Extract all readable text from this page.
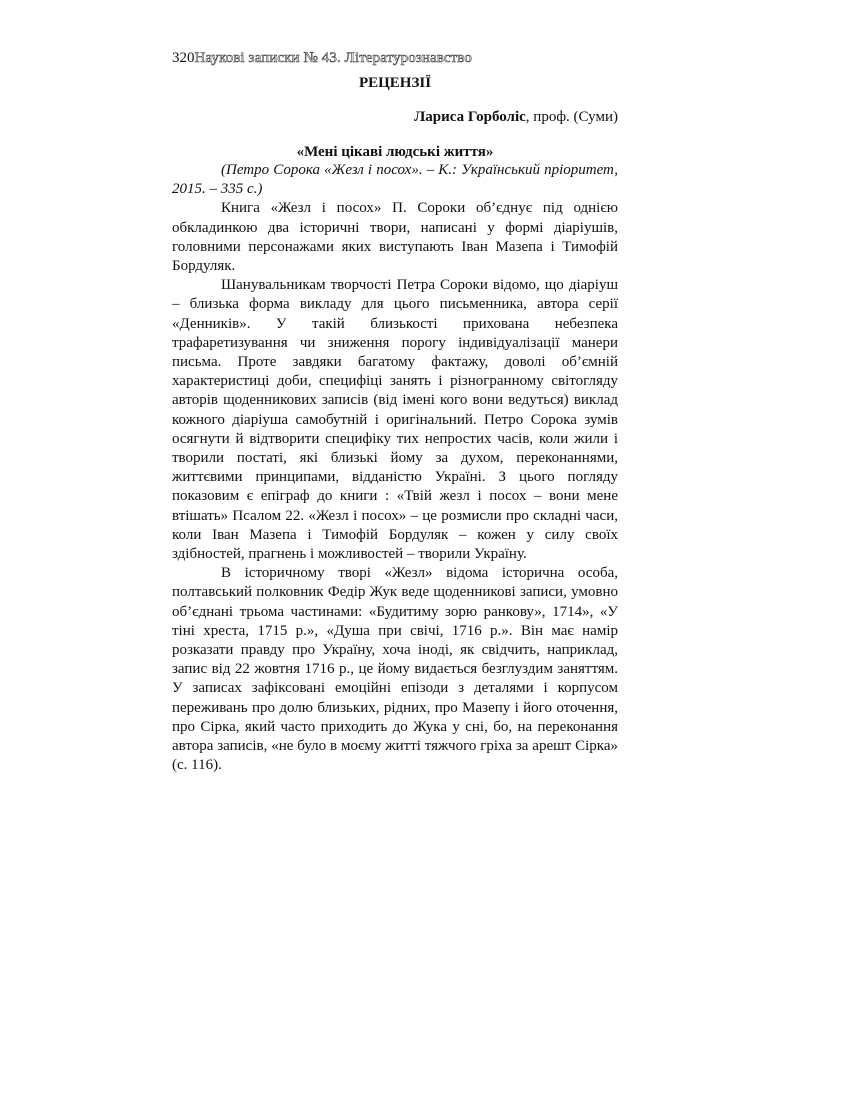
320Наукові записки № 43. Літературознавство
РЕЦЕНЗІЇ
Лариса Горболіс, проф. (Суми)
«Мені цікаві людські життя»

(Петро Сорока «Жезл і посох». – К.: Український пріоритет, 2015. – 335 с.)

Книга «Жезл і посох» П. Сороки об’єднує під однією обкладинкою два історичні твори, написані у формі діаріушів, головними персонажами яких виступають Іван Мазепа і Тимофій Бордуляк.

Шанувальникам творчості Петра Сороки відомо, що діаріуш – близька форма викладу для цього письменника, автора серії «Денників». У такій близькості прихована небезпека трафаретизування чи зниження порогу індивідуалізації манери письма. Проте завдяки багатому фактажу, доволі об’ємній характеристиці доби, специфіці занять і різногранному світогляду авторів щоденникових записів (від імені кого вони ведуться) виклад кожного діаріуша самобутній і оригінальний. Петро Сорока зумів осягнути й відтворити специфіку тих непростих часів, коли жили і творили постаті, які близькі йому за духом, переконаннями, життєвими принципами, відданістю Україні. З цього погляду показовим є епіграф до книги : «Твій жезл і посох – вони мене втішать» Псалом 22. «Жезл і посох» – це розмисли про складні часи, коли Іван Мазепа і Тимофій Бордуляк – кожен у силу своїх здібностей, прагнень і можливостей – творили Україну.

В історичному творі «Жезл» відома історична особа, полтавський полковник Федір Жук веде щоденникові записи, умовно об’єднані трьома частинами: «Будитиму зорю ранкову», 1714», «У тіні хреста, 1715 р.», «Душа при свічі, 1716 р.». Він має намір розказати правду про Україну, хоча іноді, як свідчить, наприклад, запис від 22 жовтня 1716 р., це йому видається безглуздим заняттям. У записах зафіксовані емоційні епізоди з деталями і корпусом переживань про долю близьких, рідних, про Мазепу і його оточення, про Сірка, який часто приходить до Жука у сні, бо, на переконання автора записів, «не було в моєму житті тяжчого гріха за арешт Сірка» (с. 116).
